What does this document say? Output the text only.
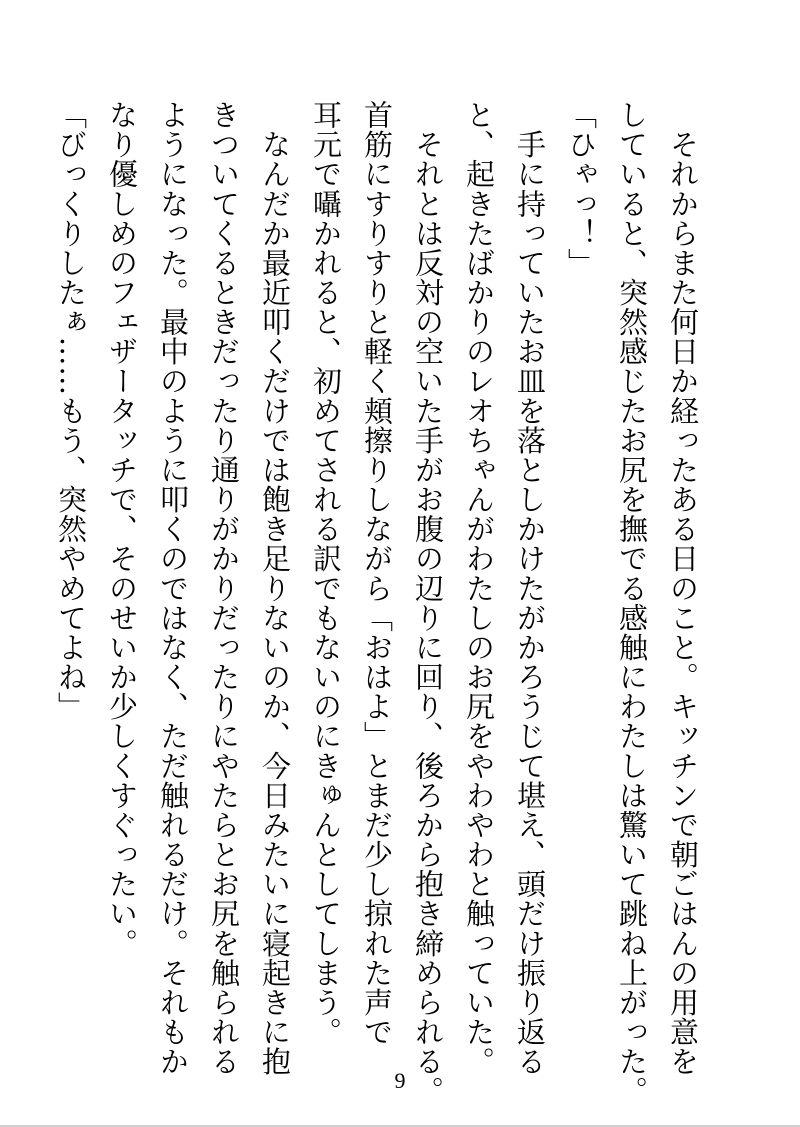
　それからまた何日か経ったある日のこと。キッチンで朝ごはんの用意を
していると、突然感じたお尻を撫でる感触にわたしは驚いて跳ね上がった。
「ひゃっ！」
　手に持っていたお皿を落としかけたがかろうじて堪え、頭だけ振り返る
と、起きたばかりのレオちゃんがわたしのお尻をやわやわと触っていた。
　それとは反対の空いた手がお腹の辺りに回り、後ろから抱き締められる。
首筋にすりすりと軽く頬擦りしながら「おはよ」とまだ少し掠れた声で
耳元で囁かれると、初めてされる訳でもないのにきゅんとしてしまう。
　なんだか最近叩くだけでは飽き足りないのか、今日みたいに寝起きに抱
きついてくるときだったり通りがかりだったりにやたらとお尻を触られる
ようになった。最中のように叩くのではなく、ただ触れるだけ。それもか
なり優しめのフェザータッチで、そのせいか少しくすぐったい。
「びっくりしたぁ……もう、突然やめてよね」
9
